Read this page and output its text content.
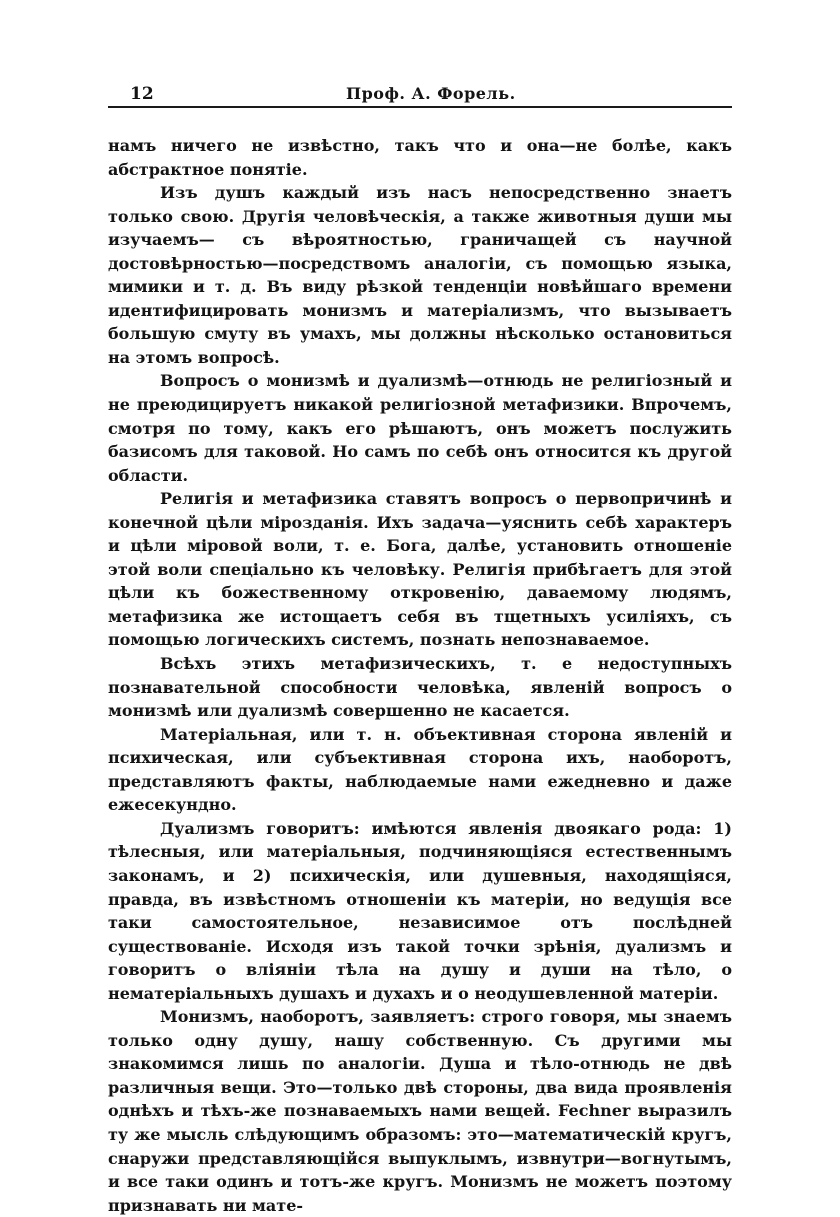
12	Проф. А. Форель.

намъ ничего не извѣстно, такъ что и она—не болѣе, какъ абстрактное понятіе.

Изъ душъ каждый изъ насъ непосредственно знаетъ только свою. Другія человѣческія, а также животныя души мы изучаемъ— съ вѣроятностью, граничащей съ научной достовѣрностью—посредствомъ аналогіи, съ помощью языка, мимики и т. д. Въ виду рѣзкой тенденціи новѣйшаго времени идентифицировать монизмъ и матеріализмъ, что вызываетъ большую смуту въ умахъ, мы должны нѣсколько остановиться на этомъ вопросѣ.

Вопросъ о монизмѣ и дуализмѣ—отнюдь не религіозный и не преюдицируетъ никакой религіозной метафизики. Впрочемъ, смотря по тому, какъ его рѣшаютъ, онъ можетъ послужить базисомъ для таковой. Но самъ по себѣ онъ относится къ другой области.

Религія и метафизика ставятъ вопросъ о первопричинѣ и конечной цѣли мірозданія. Ихъ задача—уяснить себѣ характеръ и цѣли міровой воли, т. е. Бога, далѣе, установить отношеніе этой воли спеціально къ человѣку. Религія прибѣгаетъ для этой цѣли къ божественному откровенію, даваемому людямъ, метафизика же истощаетъ себя въ тщетныхъ усиліяхъ, съ помощью логическихъ системъ, познать непознаваемое.

Всѣхъ этихъ метафизическихъ, т. е недоступныхъ познавательной способности человѣка, явленій вопросъ о монизмѣ или дуализмѣ совершенно не касается.

Матеріальная, или т. н. объективная сторона явленій и психическая, или субъективная сторона ихъ, наоборотъ, представляютъ факты, наблюдаемые нами ежедневно и даже ежесекундно.

Дуализмъ говоритъ: имѣются явленія двоякаго рода: 1) тѣлесныя, или матеріальныя, подчиняющіяся естественнымъ законамъ, и 2) психическія, или душевныя, находящіяся, правда, въ извѣстномъ отношеніи къ матеріи, но ведущія все таки самостоятельное, независимое отъ послѣдней существованіе. Исходя изъ такой точки зрѣнія, дуализмъ и говоритъ о вліяніи тѣла на душу и души на тѣло, о нематеріальныхъ душахъ и духахъ и о неодушевленной матеріи.

Монизмъ, наоборотъ, заявляетъ: строго говоря, мы знаемъ только одну душу, нашу собственную. Съ другими мы знакомимся лишь по аналогіи. Душа и тѣло-отнюдь не двѣ различныя вещи. Это—только двѣ стороны, два вида проявленія однѣхъ и тѣхъ-же познаваемыхъ нами вещей. Fechner выразилъ ту же мысль слѣдующимъ образомъ: это—математическій кругъ, снаружи представляющійся выпуклымъ, извнутри—вогнутымъ, и все таки одинъ и тотъ-же кругъ. Монизмъ не можетъ поэтому признавать ни мате-
